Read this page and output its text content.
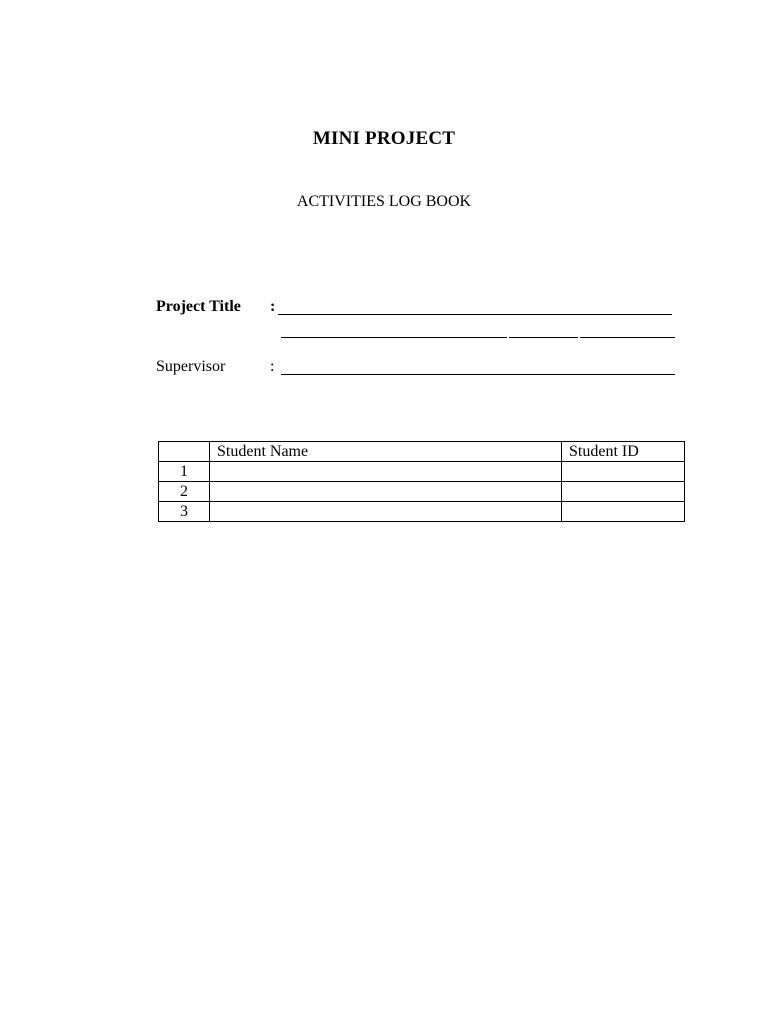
MINI PROJECT
ACTIVITIES LOG BOOK
Project Title :
Supervisor	:
	Student Name	Student ID
1		
2		
3		
